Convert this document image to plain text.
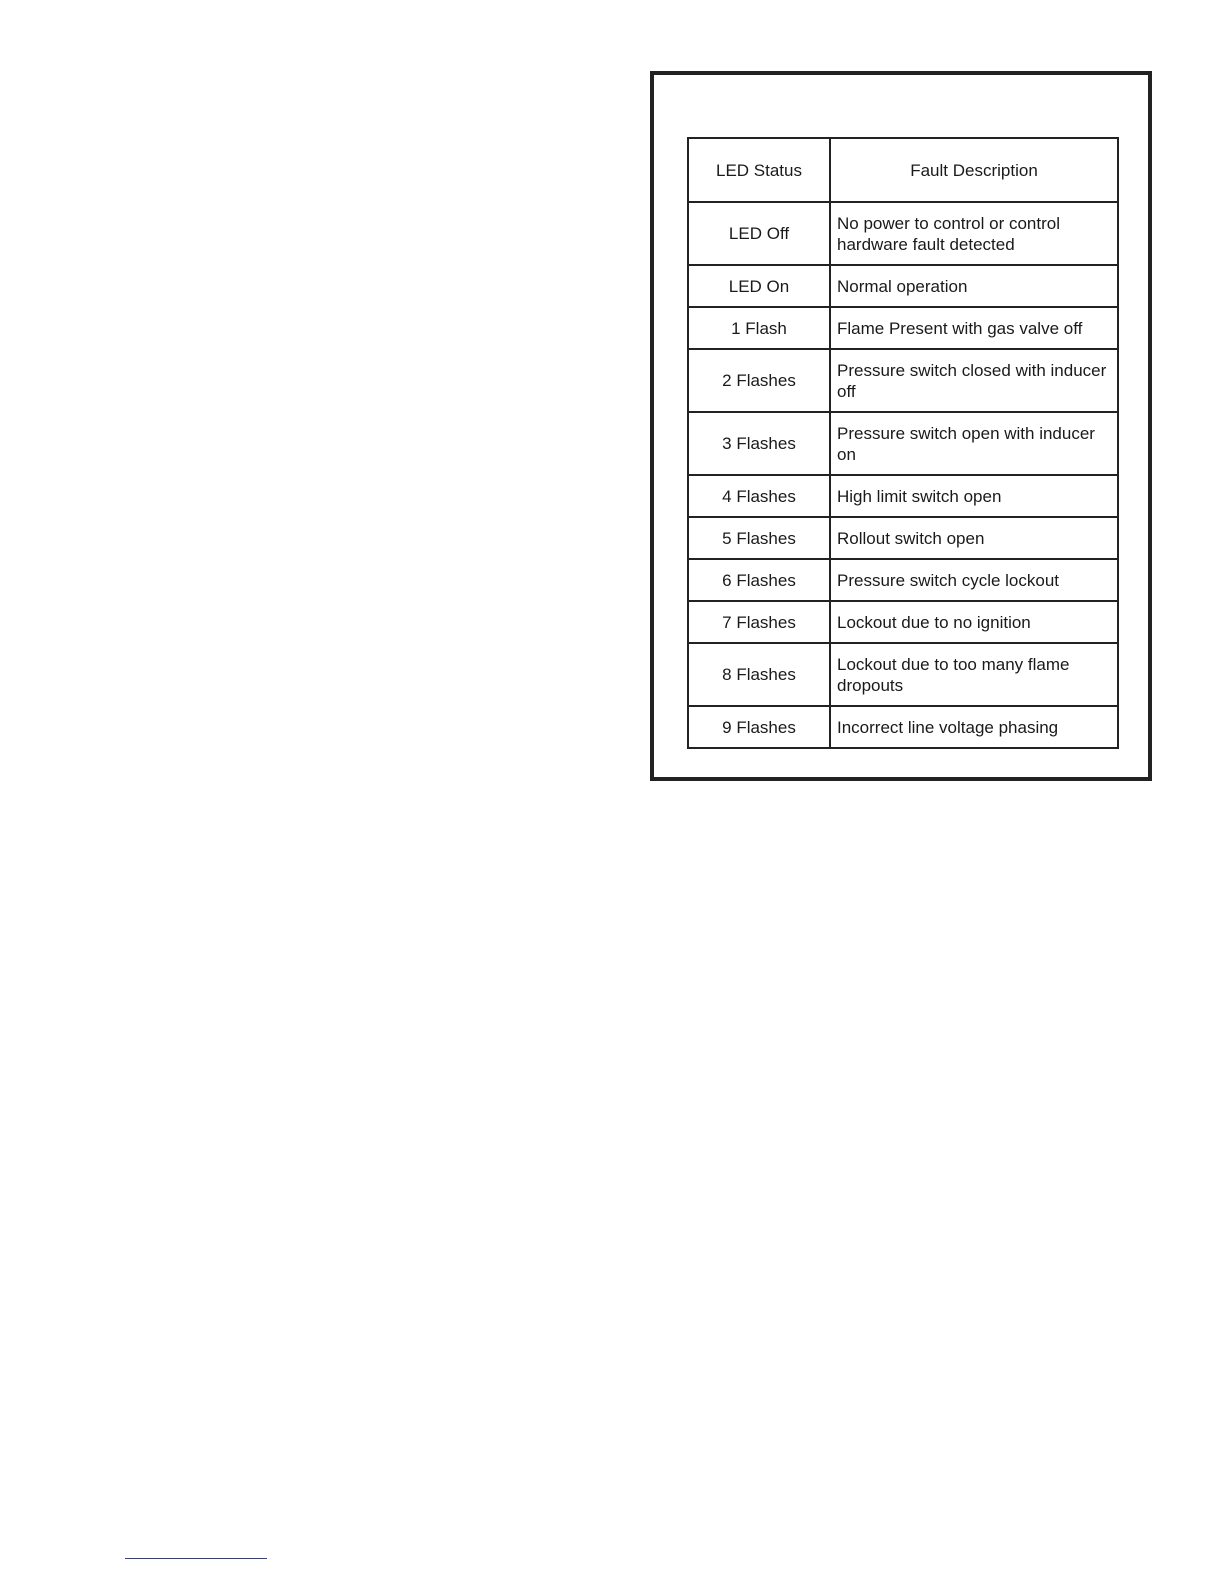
LED Status	Fault Description
LED Off	No power to control or control hardware fault detected
LED On	Normal operation
1 Flash	Flame Present with gas valve off
2 Flashes	Pressure switch closed with inducer off
3 Flashes	Pressure switch open with inducer on
4 Flashes	High limit switch open
5 Flashes	Rollout switch open
6 Flashes	Pressure switch cycle lockout
7 Flashes	Lockout due to no ignition
8 Flashes	Lockout due to too many flame dropouts
9 Flashes	Incorrect line voltage phasing
